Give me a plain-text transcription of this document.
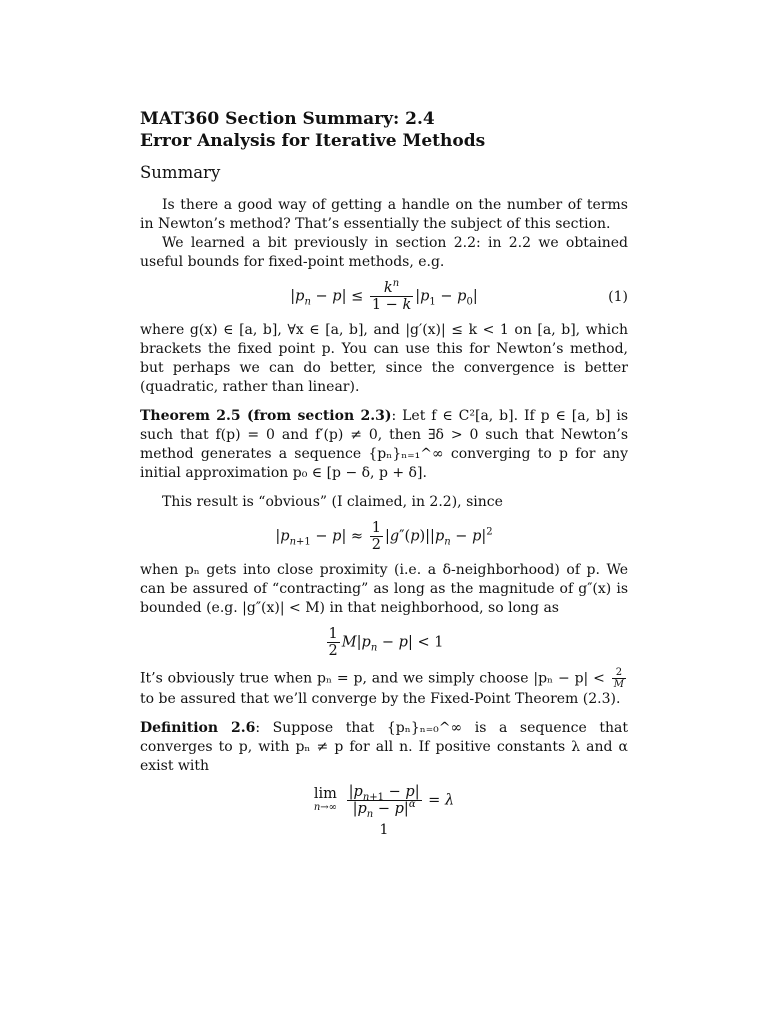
MAT360 Section Summary: 2.4
Error Analysis for Iterative Methods
Summary

Is there a good way of getting a handle on the number of terms in Newton’s method? That’s essentially the subject of this section.

We learned a bit previously in section 2.2: in 2.2 we obtained useful bounds for fixed-point methods, e.g.

$|p_n - p| \le \frac{k^n}{1 - k} |p_1 - p_0|$	(1)

where g(x) ∈ [a, b], ∀x ∈ [a, b], and |g′(x)| ≤ k < 1 on [a, b], which brackets the fixed point p. You can use this for Newton’s method, but perhaps we can do better, since the convergence is better (quadratic, rather than linear).

Theorem 2.5 (from section 2.3): Let f ∈ C²[a, b]. If p ∈ [a, b] is such that f(p) = 0 and f′(p) ≠ 0, then ∃δ > 0 such that Newton’s method generates a sequence {pₙ}ₙ₌₁^∞ converging to p for any initial approximation p₀ ∈ [p − δ, p + δ].

This result is “obvious” (I claimed, in 2.2), since

$|p_{n+1} - p| \approx \frac{1}{2} |g''(p)||p_n - p|^2$

when pₙ gets into close proximity (i.e. a δ-neighborhood) of p. We can be assured of “contracting” as long as the magnitude of g″(x) is bounded (e.g. |g″(x)| < M) in that neighborhood, so long as

$\frac{1}{2} M|p_n - p| < 1$

It’s obviously true when pₙ = p, and we simply choose $|p_n - p| < \frac{2}{M}$
to be assured that we’ll converge by the Fixed-Point Theorem (2.3).

Definition 2.6: Suppose that {pₙ}ₙ₌₀^∞ is a sequence that converges to p, with pₙ ≠ p for all n. If positive constants λ and α exist with

lim
n→∞
$\frac{|p_{n+1} - p|}{|p_n - p|^\alpha} = \lambda$
1
